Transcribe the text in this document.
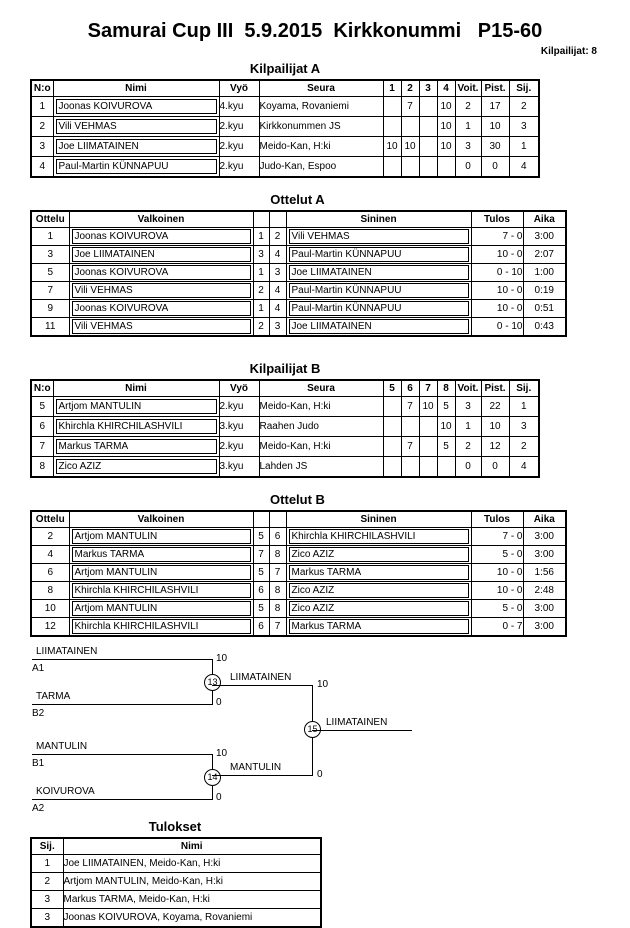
Samurai Cup III  5.9.2015  Kirkkonummi   P15-60
Kilpailijat: 8
Kilpailijat A
N:o	Nimi	Vyö	Seura	1	2	3	4	Voit.	Pist.	Sij.
1	Joonas KOIVUROVA	4.kyu	Koyama, Rovaniemi		7		10	2	17	2
2	Vili VEHMAS	2.kyu	Kirkkonummen JS				10	1	10	3
3	Joe LIIMATAINEN	2.kyu	Meido-Kan, H:ki	10	10		10	3	30	1
4	Paul-Martin KÜNNAPUU	2.kyu	Judo-Kan, Espoo					0	0	4
Ottelut A
Ottelu	Valkoinen			Sininen	Tulos	Aika
1	Joonas KOIVUROVA	1	2	Vili VEHMAS	7 - 0	3:00
3	Joe LIIMATAINEN	3	4	Paul-Martin KÜNNAPUU	10 - 0	2:07
5	Joonas KOIVUROVA	1	3	Joe LIIMATAINEN	0 - 10	1:00
7	Vili VEHMAS	2	4	Paul-Martin KÜNNAPUU	10 - 0	0:19
9	Joonas KOIVUROVA	1	4	Paul-Martin KÜNNAPUU	10 - 0	0:51
11	Vili VEHMAS	2	3	Joe LIIMATAINEN	0 - 10	0:43
Kilpailijat B
N:o	Nimi	Vyö	Seura	5	6	7	8	Voit.	Pist.	Sij.
5	Artjom MANTULIN	2.kyu	Meido-Kan, H:ki		7	10	5	3	22	1
6	Khirchla KHIRCHILASHVILI	3.kyu	Raahen Judo				10	1	10	3
7	Markus TARMA	2.kyu	Meido-Kan, H:ki		7		5	2	12	2
8	Zico AZIZ	3.kyu	Lahden JS					0	0	4
Ottelut B
Ottelu	Valkoinen			Sininen	Tulos	Aika
2	Artjom MANTULIN	5	6	Khirchla KHIRCHILASHVILI	7 - 0	3:00
4	Markus TARMA	7	8	Zico AZIZ	5 - 0	3:00
6	Artjom MANTULIN	5	7	Markus TARMA	10 - 0	1:56
8	Khirchla KHIRCHILASHVILI	6	8	Zico AZIZ	10 - 0	2:48
10	Artjom MANTULIN	5	8	Zico AZIZ	5 - 0	3:00
12	Khirchla KHIRCHILASHVILI	6	7	Markus TARMA	0 - 7	3:00
LIIMATAINEN
A1
10
TARMA
B2
0
13	LIIMATAINEN
10
15
LIIMATAINEN
MANTULIN
B1
10
KOIVUROVA
A2
0
14
MANTULIN
0
Tulokset
Sij.	Nimi
1	Joe LIIMATAINEN, Meido-Kan, H:ki
2	Artjom MANTULIN, Meido-Kan, H:ki
3	Markus TARMA, Meido-Kan, H:ki
3	Joonas KOIVUROVA, Koyama, Rovaniemi
